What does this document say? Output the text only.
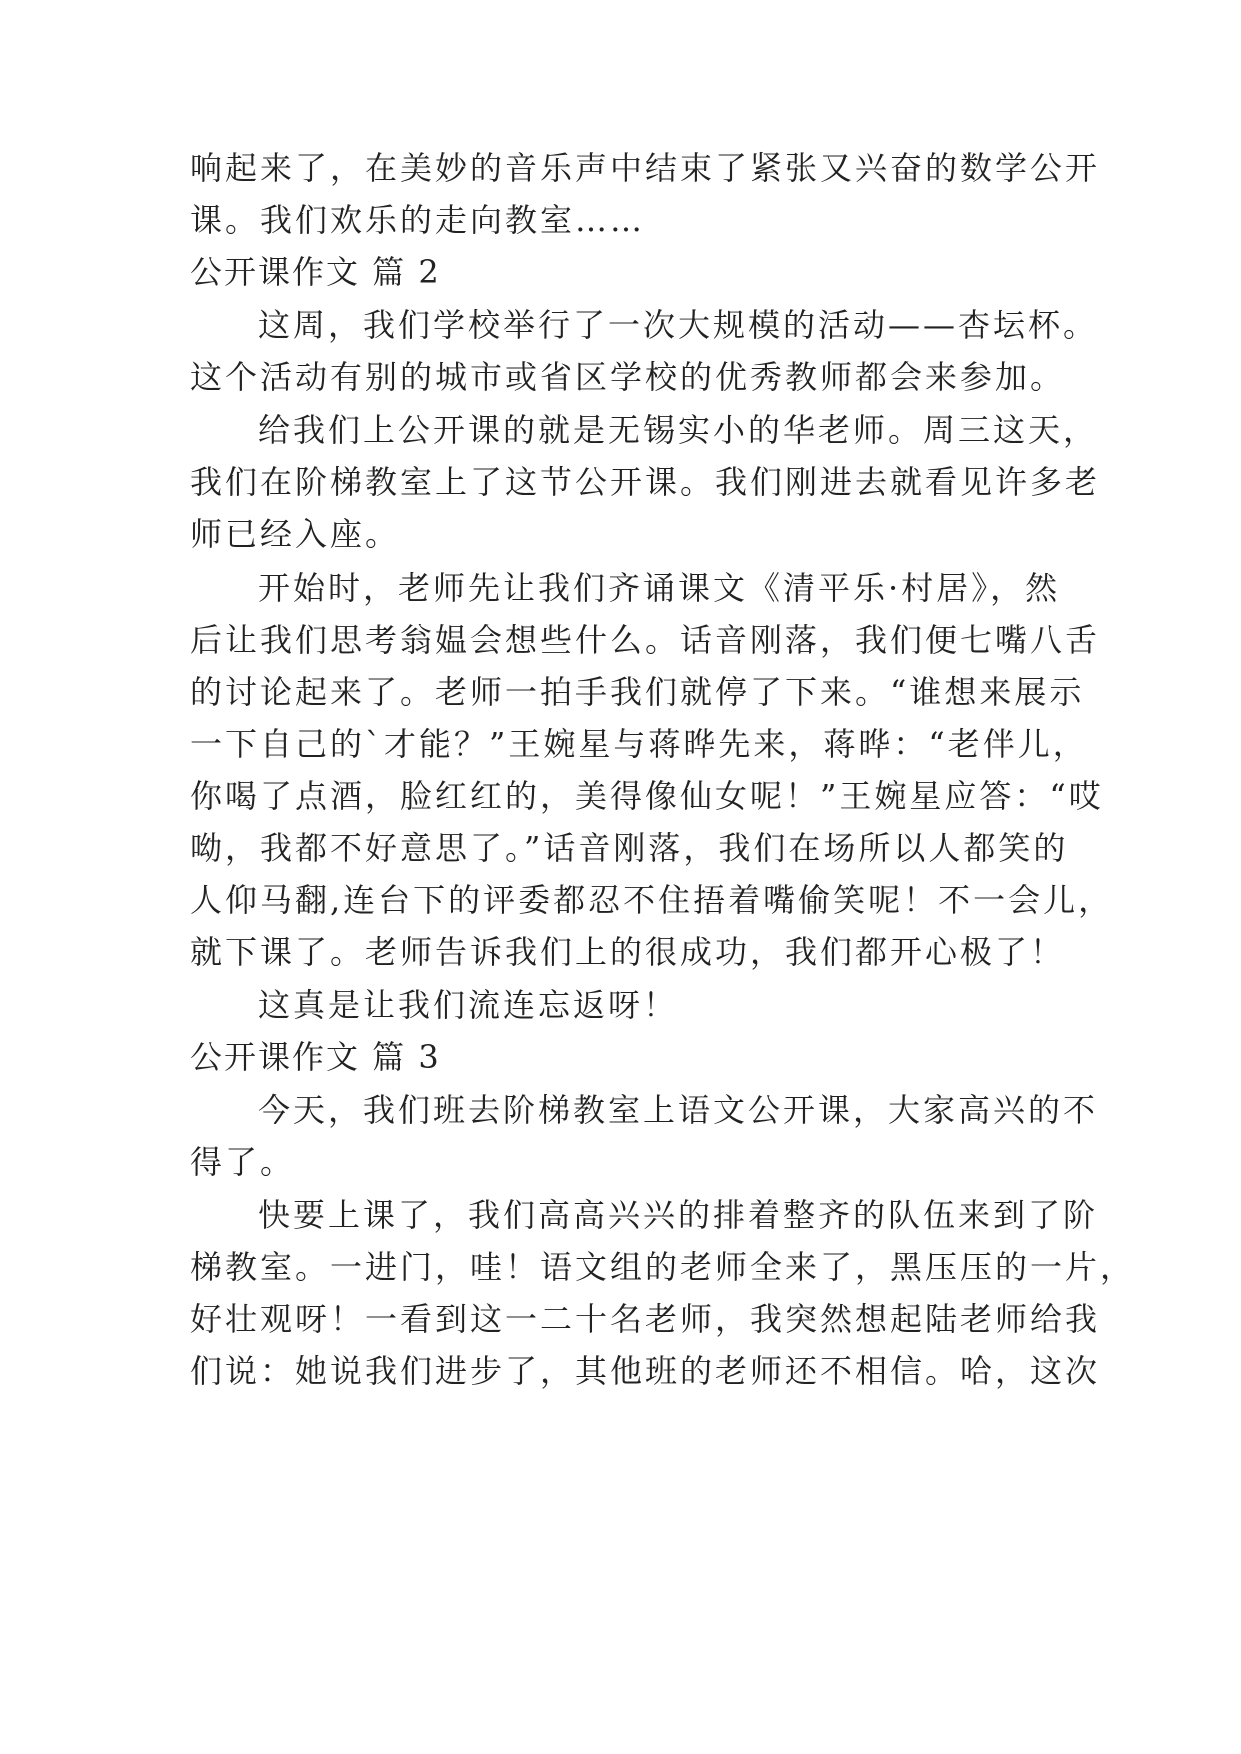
响起来了，在美妙的音乐声中结束了紧张又兴奋的数学公开
课。我们欢乐的走向教室……
公开课作文 篇 2
这周，我们学校举行了一次大规模的活动——杏坛杯。
这个活动有别的城市或省区学校的优秀教师都会来参加。
给我们上公开课的就是无锡实小的华老师。周三这天，
我们在阶梯教室上了这节公开课。我们刚进去就看见许多老
师已经入座。
开始时，老师先让我们齐诵课文《清平乐·村居》，然
后让我们思考翁媪会想些什么。话音刚落，我们便七嘴八舌
的讨论起来了。老师一拍手我们就停了下来。“谁想来展示
一下自己的`才能？”王婉星与蒋晔先来，蒋晔：“老伴儿，
你喝了点酒，脸红红的，美得像仙女呢！”王婉星应答：“哎
呦，我都不好意思了。”话音刚落，我们在场所以人都笑的
人仰马翻,连台下的评委都忍不住捂着嘴偷笑呢！不一会儿，
就下课了。老师告诉我们上的很成功，我们都开心极了！
这真是让我们流连忘返呀！
公开课作文 篇 3
今天，我们班去阶梯教室上语文公开课，大家高兴的不
得了。
快要上课了，我们高高兴兴的排着整齐的队伍来到了阶
梯教室。一进门，哇！语文组的老师全来了，黑压压的一片，
好壮观呀！一看到这一二十名老师，我突然想起陆老师给我
们说：她说我们进步了，其他班的老师还不相信。哈，这次
